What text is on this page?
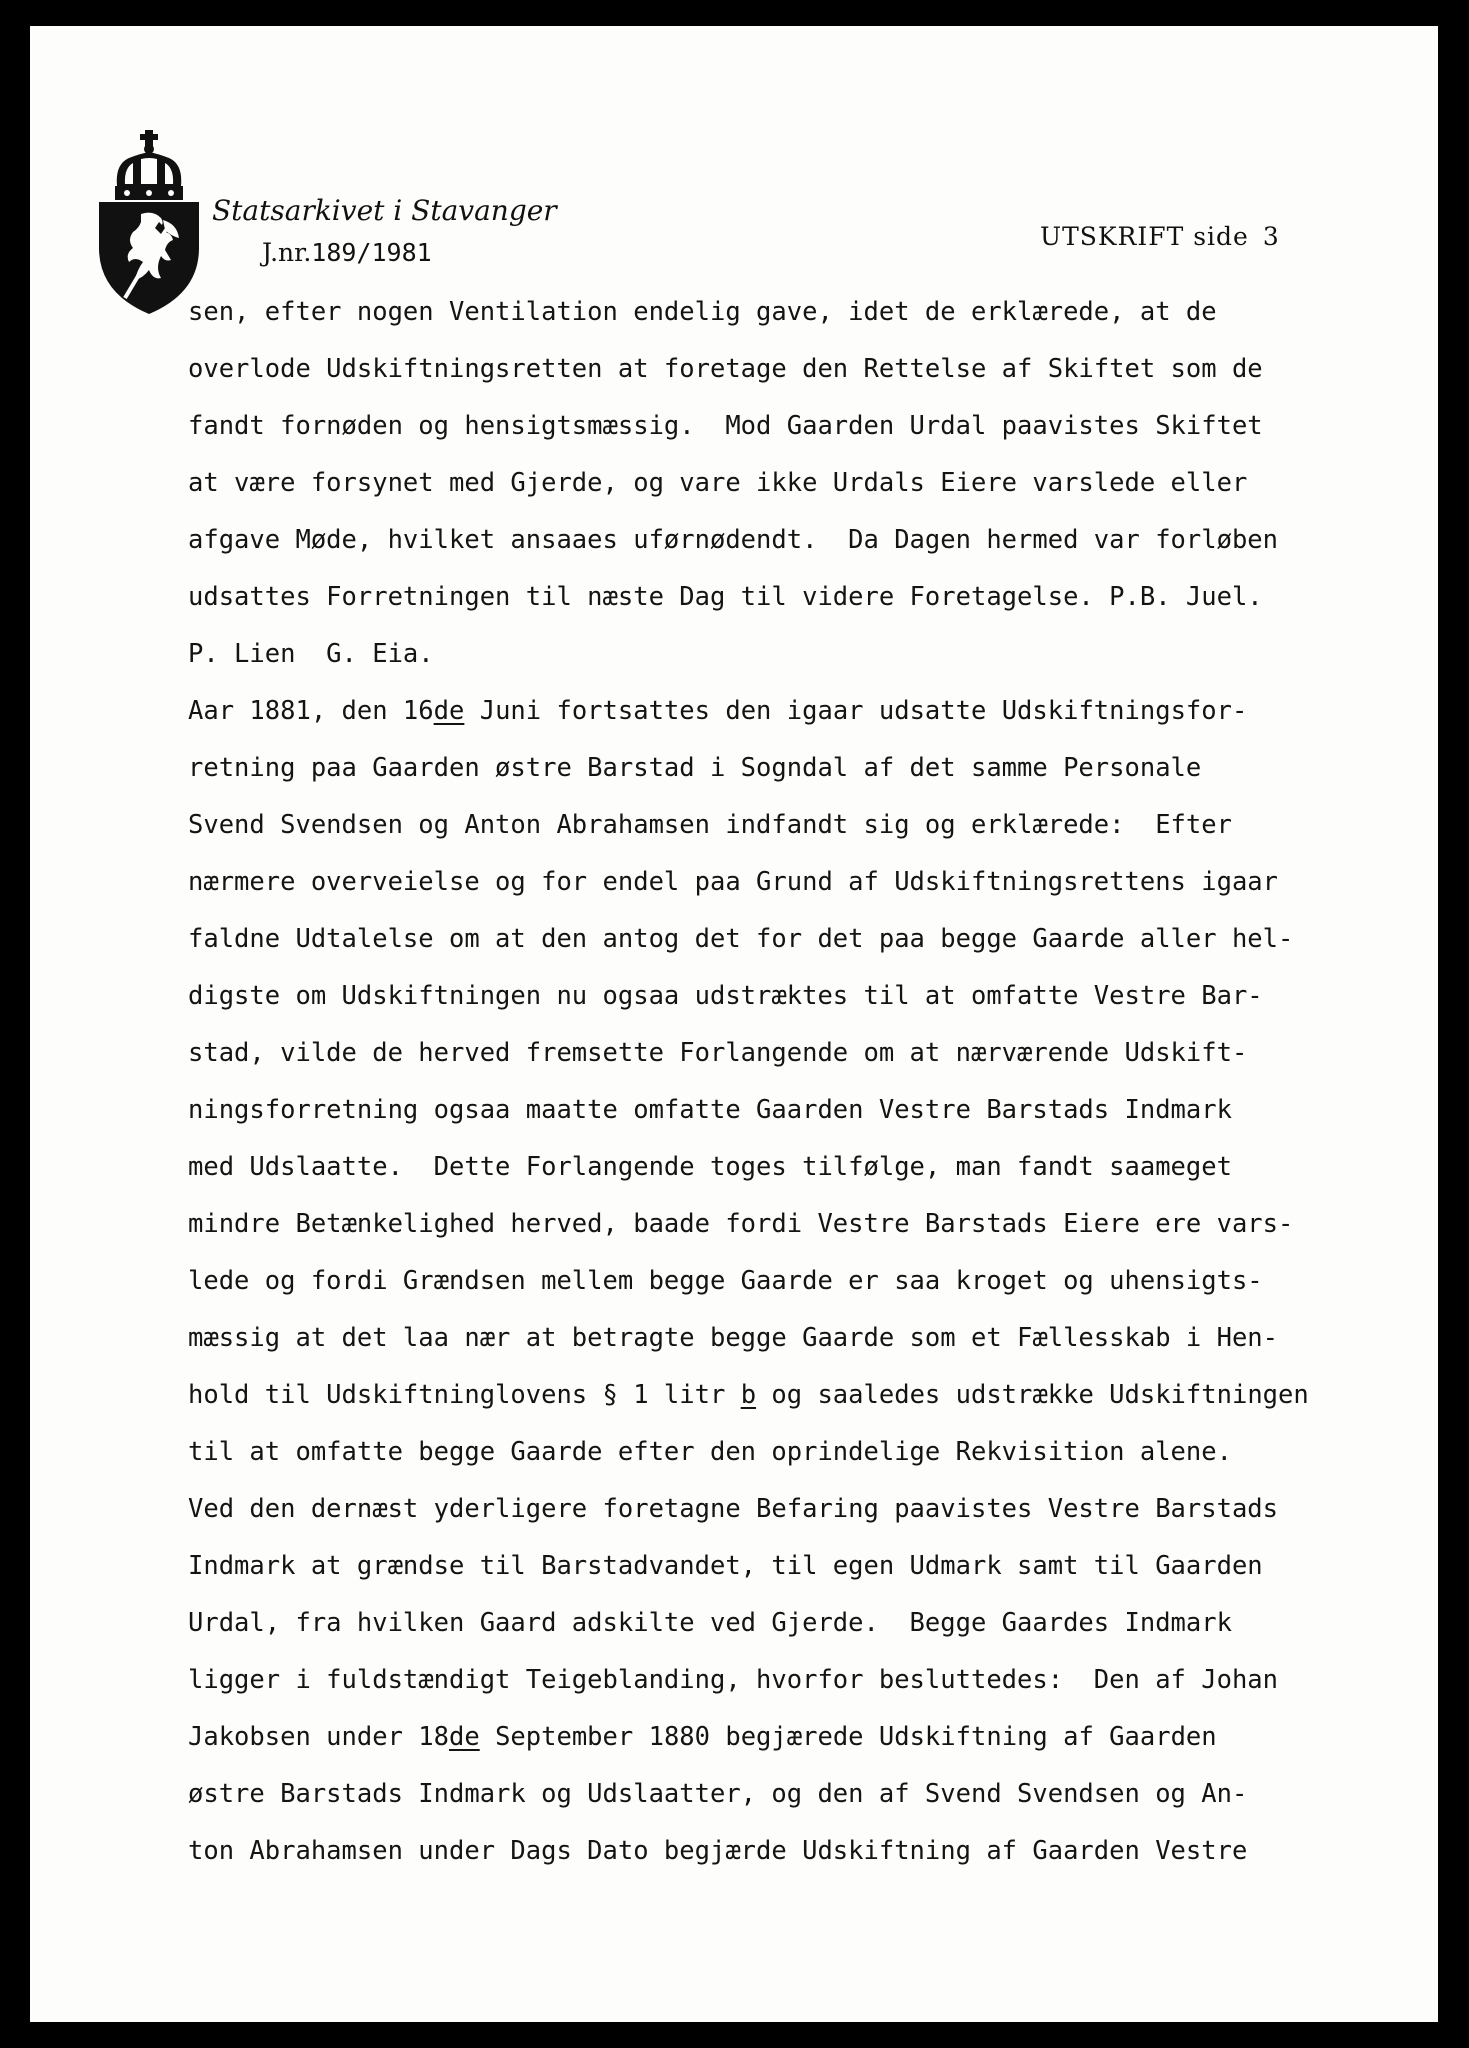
Statsarkivet i Stavanger
J.nr.189/1981
UTSKRIFT side 3
sen, efter nogen Ventilation endelig gave, idet de erklærede, at de
overlode Udskiftningsretten at foretage den Rettelse af Skiftet som de
fandt fornøden og hensigtsmæssig.  Mod Gaarden Urdal paavistes Skiftet
at være forsynet med Gjerde, og vare ikke Urdals Eiere varslede eller
afgave Møde, hvilket ansaaes uførnødendt.  Da Dagen hermed var forløben
udsattes Forretningen til næste Dag til videre Foretagelse. P.B. Juel.
P. Lien  G. Eia.
Aar 1881, den 16de Juni fortsattes den igaar udsatte Udskiftningsfor-
retning paa Gaarden østre Barstad i Sogndal af det samme Personale
Svend Svendsen og Anton Abrahamsen indfandt sig og erklærede:  Efter
nærmere overveielse og for endel paa Grund af Udskiftningsrettens igaar
faldne Udtalelse om at den antog det for det paa begge Gaarde aller hel-
digste om Udskiftningen nu ogsaa udstræktes til at omfatte Vestre Bar-
stad, vilde de herved fremsette Forlangende om at nærværende Udskift-
ningsforretning ogsaa maatte omfatte Gaarden Vestre Barstads Indmark
med Udslaatte.  Dette Forlangende toges tilfølge, man fandt saameget
mindre Betænkelighed herved, baade fordi Vestre Barstads Eiere ere vars-
lede og fordi Grændsen mellem begge Gaarde er saa kroget og uhensigts-
mæssig at det laa nær at betragte begge Gaarde som et Fællesskab i Hen-
hold til Udskiftninglovens § 1 litr b og saaledes udstrække Udskiftningen
til at omfatte begge Gaarde efter den oprindelige Rekvisition alene.
Ved den dernæst yderligere foretagne Befaring paavistes Vestre Barstads
Indmark at grændse til Barstadvandet, til egen Udmark samt til Gaarden
Urdal, fra hvilken Gaard adskilte ved Gjerde.  Begge Gaardes Indmark
ligger i fuldstændigt Teigeblanding, hvorfor besluttedes:  Den af Johan
Jakobsen under 18de September 1880 begjærede Udskiftning af Gaarden
østre Barstads Indmark og Udslaatter, og den af Svend Svendsen og An-
ton Abrahamsen under Dags Dato begjærde Udskiftning af Gaarden Vestre
